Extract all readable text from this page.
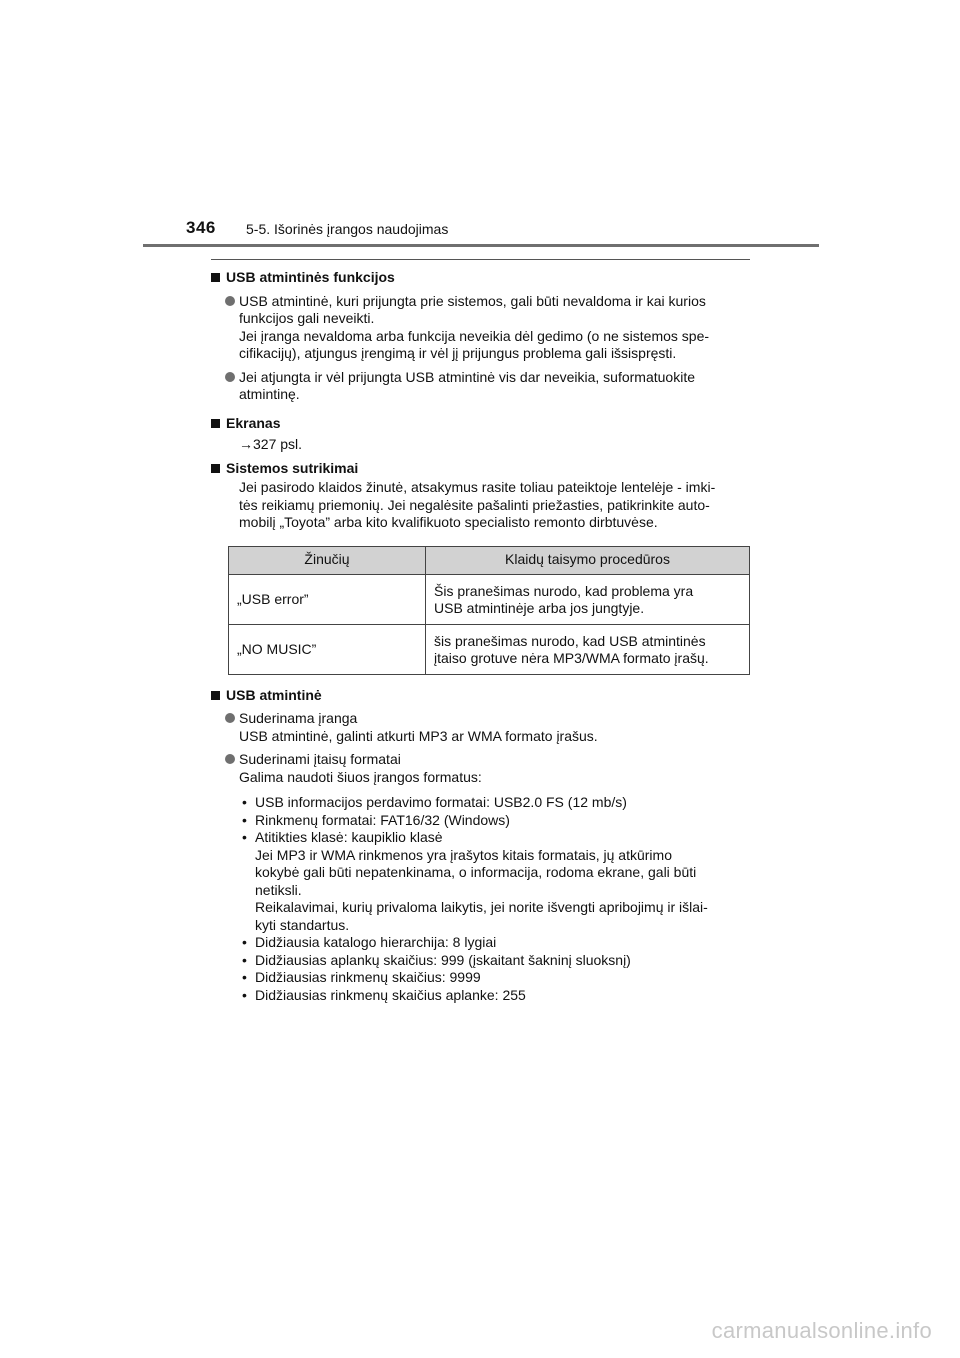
346 5-5. Išorinės įrangos naudojimas
USB atmintinės funkcijos
USB atmintinė, kuri prijungta prie sistemos, gali būti nevaldoma ir kai kurios
funkcijos gali neveikti.
Jei įranga nevaldoma arba funkcija neveikia dėl gedimo (o ne sistemos spe-
cifikacijų), atjungus įrengimą ir vėl jį prijungus problema gali išsispręsti.
Jei atjungta ir vėl prijungta USB atmintinė vis dar neveikia, suformatuokite
atmintinę.
Ekranas
→327 psl.
Sistemos sutrikimai
Jei pasirodo klaidos žinutė, atsakymus rasite toliau pateiktoje lentelėje - imki-
tės reikiamų priemonių. Jei negalėsite pašalinti priežasties, patikrinkite auto-
mobilį „Toyota” arba kito kvalifikuoto specialisto remonto dirbtuvėse.
Žinučių	Klaidų taisymo procedūros
„USB error”	Šis pranešimas nurodo, kad problema yra
USB atmintinėje arba jos jungtyje.

„NO MUSIC”	šis pranešimas nurodo, kad USB atmintinės
įtaiso grotuve nėra MP3/WMA formato įrašų.
USB atmintinė
Suderinama įranga
USB atmintinė, galinti atkurti MP3 ar WMA formato įrašus.
Suderinami įtaisų formatai
Galima naudoti šiuos įrangos formatus:
• USB informacijos perdavimo formatai: USB2.0 FS (12 mb/s)
• Rinkmenų formatai: FAT16/32 (Windows)
• Atitikties klasė: kaupiklio klasė
Jei MP3 ir WMA rinkmenos yra įrašytos kitais formatais, jų atkūrimo
kokybė gali būti nepatenkinama, o informacija, rodoma ekrane, gali būti
netiksli.
Reikalavimai, kurių privaloma laikytis, jei norite išvengti apribojimų ir išlai-
kyti standartus.
• Didžiausia katalogo hierarchija: 8 lygiai
• Didžiausias aplankų skaičius: 999 (įskaitant šakninį sluoksnį)
• Didžiausias rinkmenų skaičius: 9999
• Didžiausias rinkmenų skaičius aplanke: 255
carmanualsonline.info
